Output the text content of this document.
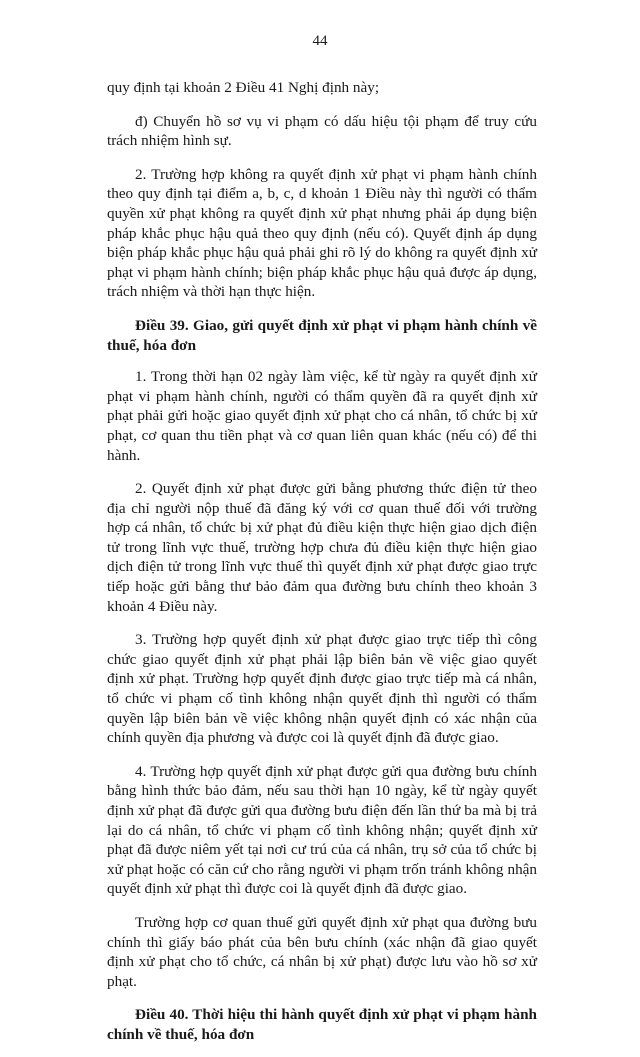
44

quy định tại khoản 2 Điều 41 Nghị định này;

đ) Chuyển hồ sơ vụ vi phạm có dấu hiệu tội phạm để truy cứu trách nhiệm hình sự.

2. Trường hợp không ra quyết định xử phạt vi phạm hành chính theo quy định tại điểm a, b, c, d khoản 1 Điều này thì người có thẩm quyền xử phạt không ra quyết định xử phạt nhưng phải áp dụng biện pháp khắc phục hậu quả theo quy định (nếu có). Quyết định áp dụng biện pháp khắc phục hậu quả phải ghi rõ lý do không ra quyết định xử phạt vi phạm hành chính; biện pháp khắc phục hậu quả được áp dụng, trách nhiệm và thời hạn thực hiện.

Điều 39. Giao, gửi quyết định xử phạt vi phạm hành chính về thuế, hóa đơn

1. Trong thời hạn 02 ngày làm việc, kể từ ngày ra quyết định xử phạt vi phạm hành chính, người có thẩm quyền đã ra quyết định xử phạt phải gửi hoặc giao quyết định xử phạt cho cá nhân, tổ chức bị xử phạt, cơ quan thu tiền phạt và cơ quan liên quan khác (nếu có) để thi hành.

2. Quyết định xử phạt được gửi bằng phương thức điện tử theo địa chỉ người nộp thuế đã đăng ký với cơ quan thuế đối với trường hợp cá nhân, tổ chức bị xử phạt đủ điều kiện thực hiện giao dịch điện tử trong lĩnh vực thuế, trường hợp chưa đủ điều kiện thực hiện giao dịch điện tử trong lĩnh vực thuế thì quyết định xử phạt được giao trực tiếp hoặc gửi bằng thư bảo đảm qua đường bưu chính theo khoản 3 khoản 4 Điều này.

3. Trường hợp quyết định xử phạt được giao trực tiếp thì công chức giao quyết định xử phạt phải lập biên bản về việc giao quyết định xử phạt. Trường hợp quyết định được giao trực tiếp mà cá nhân, tổ chức vi phạm cố tình không nhận quyết định thì người có thẩm quyền lập biên bản về việc không nhận quyết định có xác nhận của chính quyền địa phương và được coi là quyết định đã được giao.

4. Trường hợp quyết định xử phạt được gửi qua đường bưu chính bằng hình thức bảo đảm, nếu sau thời hạn 10 ngày, kể từ ngày quyết định xử phạt đã được gửi qua đường bưu điện đến lần thứ ba mà bị trả lại do cá nhân, tổ chức vi phạm cố tình không nhận; quyết định xử phạt đã được niêm yết tại nơi cư trú của cá nhân, trụ sở của tổ chức bị xử phạt hoặc có căn cứ cho rằng người vi phạm trốn tránh không nhận quyết định xử phạt thì được coi là quyết định đã được giao.

Trường hợp cơ quan thuế gửi quyết định xử phạt qua đường bưu chính thì giấy báo phát của bên bưu chính (xác nhận đã giao quyết định xử phạt cho tổ chức, cá nhân bị xử phạt) được lưu vào hồ sơ xử phạt.

Điều 40. Thời hiệu thi hành quyết định xử phạt vi phạm hành chính về thuế, hóa đơn
